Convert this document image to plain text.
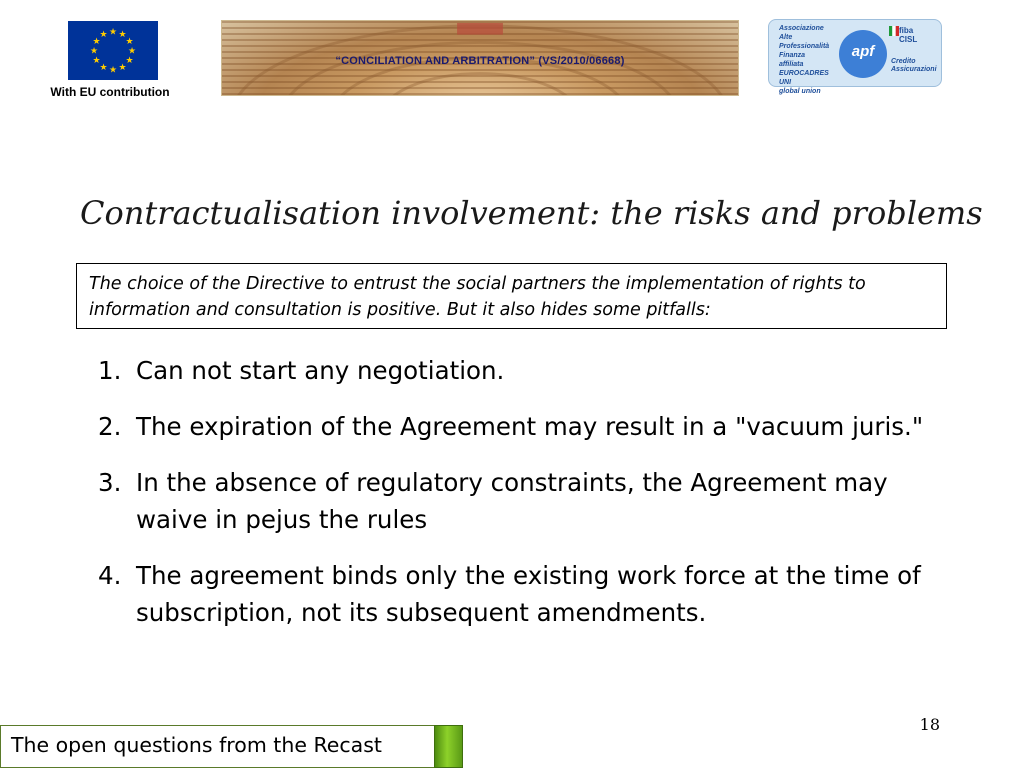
★ ★
★
★
★
★
★
★
★
★
★
★
With EU contribution
“CONCILIATION AND ARBITRATION” (VS/2010/06668)
Associazione
Alte
Professionalità
Finanza
affiliata
EUROCADRES
UNI
global union
apf
fiba
CISL
Credito
Assicurazioni
Contractualisation involvement: the risks and problems
The choice of the Directive to entrust the social partners the implementation of rights to information and consultation is positive. But it also hides some pitfalls:
1. Can not start any negotiation.
2. The expiration of the Agreement may result in a "vacuum juris."
3. In the absence of regulatory constraints, the Agreement may waive in pejus the rules
4. The agreement binds only the existing work force at the time of subscription, not its subsequent amendments.
18
The open questions from the Recast
